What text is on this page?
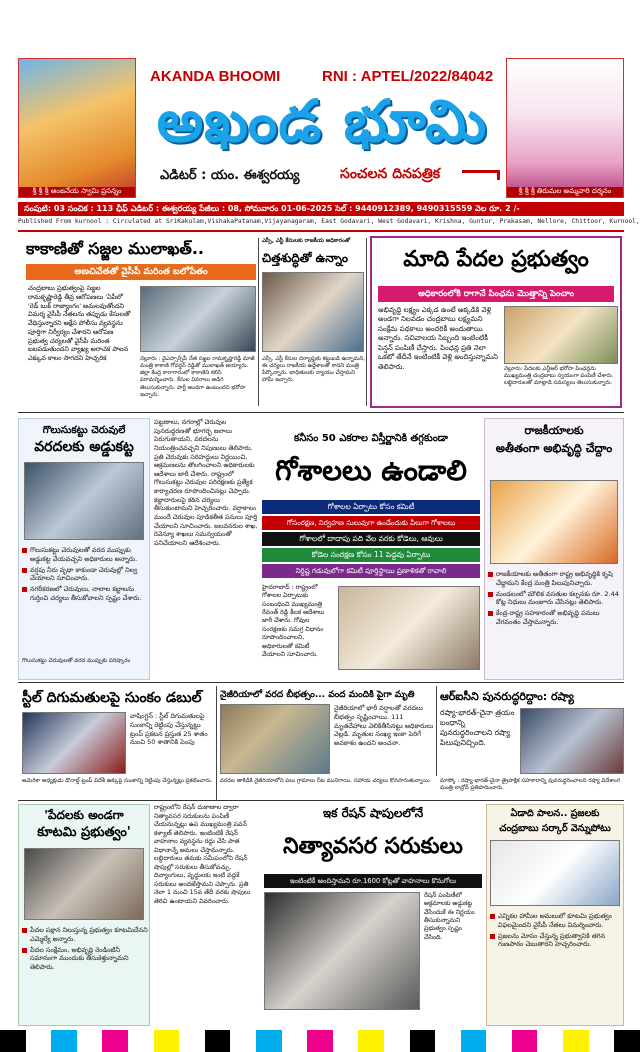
శ్రీ శ్రీ శ్రీ ఆంజనేయ స్వామి ప్రసన్నం	శ్రీ శ్రీ శ్రీ తిరుమల అమ్మవారి దర్శనం
AKANDA BHOOMI	RNI : APTEL/2022/84042
అఖండ భూమి
ఎడిటర్ : యం. ఈశ్వరయ్య	సంచలన దినపత్రిక
సంపుటి: 03 సంచిక : 113 ఛీఫ్ ఎడిటర్ : ఈశ్వరయ్య పేజీలు : 08, సోమవారం 01-06-2025 సెల్ : 9440912389, 9490315559 వెల రూ. 2 /-
Published From kurnool : Circulated at SriKakulam,VishakaPatanam,Vijayanagaram, East Godavari, West Godavari, Krishna, Guntur, Prakasam, Nellore, Chittoor, Kurnool,
కాకాణితో సజ్జల ములాఖత్..
అణచివేతతో వైసీపీ మరింత బలోపేతం
చంద్రబాబు ప్రభుత్వంపై సజ్జల రామకృష్ణారెడ్డి తీవ్ర ఆరోపణలు 'ఏపీలో 'రెడ్ బుక్ రాజ్యాంగం' అమలవుతోందని విమర్శ వైసీపీ నేతలను తప్పుడు కేసులతో వేధిస్తున్నారని ఆక్షేప పోలీసు వ్యవస్థను పూర్తిగా నిర్వీర్యం చేశారని ఆరోపణ ప్రభుత్వ చర్యలతో వైసీపీ మరింత బలపడుతుందని వ్యాఖ్య అరాచక పాలన ఎక్కువ కాలం సాగదని హెచ్చరిక	నెల్లూరు : వైఎస్సార్సీపీ నేత సజ్జల రామకృష్ణారెడ్డి మాజీ మంత్రి కాకాణి గోవర్ధన్ రెడ్డితో ములాఖత్ అయ్యారు. జిల్లా కేంద్ర కారాగారంలో కాకాణిని కలిసి పరామర్శించారు. కేసుల వివరాలు అడిగి తెలుసుకున్నారు. పార్టీ అండగా ఉంటుందని భరోసా ఇచ్చారు.
ఎస్సీ, ఎస్టీ కేసులకు రాజకీయ అధికారంతో
చిత్తశుద్ధితో ఉన్నాం
ఎస్సీ, ఎస్టీ కేసుల దర్యాప్తుకు కట్టుబడి ఉన్నామని, ఈ చర్యలు రాజకీయ ఉద్దేశాలతో కాదని మంత్రి పేర్కొన్నారు. బాధితులకు న్యాయం చేస్తామని హామీ ఇచ్చారు.
మాది పేదల ప్రభుత్వం
అధికారంలోకి రాగానే పింఛను మొత్తాన్ని పెంచాం
అభివృద్ధి లక్ష్యం ఎక్కడ ఉంటే అక్కడికి వెళ్లి అండగా నిలవడం చంద్రబాబు లక్ష్యమని సంక్షేమ పథకాలు అందరికీ అందుతాయి అన్నారు. సచివాలయ సిబ్బంది ఇంటింటికీ పెన్షన్ పంపిణీ చేస్తారు. పింఛన్ల ప్రతి నెలా ఒకటో తేదీనే ఇంటింటికీ వెళ్లి అందిస్తున్నామని తెలిపారు.	నెల్లూరు: పేదలకు ఎన్టీఆర్ భరోసా పింఛన్లను ముఖ్యమంత్రి చంద్రబాబు స్వయంగా పంపిణీ చేశారు. లబ్ధిదారులతో మాట్లాడి సమస్యలు తెలుసుకున్నారు.
గొలుసుకట్టు చెరువులే
వరదలకు అడ్డుకట్ట
గొలుసుకట్టు చెరువులతో వరద ముప్పుకు అడ్డుకట్ట వేయవచ్చని అధికారులు అన్నారు.
వర్షపు నీరు వృథా కాకుండా చెరువుల్లో నిల్వ చేయాలని సూచించారు.
నగరీకరణలో చెరువులు, నాలాల కబ్జాలను గుర్తించి చర్యలు తీసుకోవాలని స్పష్టం చేశారు.
గొలుసుకట్టు చెరువులతో వరద ముప్పుకు పరిష్కారం
పట్టణాలు, నగరాల్లో చెరువుల పునరుద్ధరణతో భూగర్భ జలాలు పెరుగుతాయని, వరదలను నియంత్రించవచ్చని నిపుణులు తెలిపారు. ప్రతి చెరువుకు సరిహద్దులు నిర్ణయించి, ఆక్రమణలను తొలగించాలని అధికారులకు ఆదేశాలు జారీ చేశారు. రాష్ట్రంలో గొలుసుకట్టు చెరువుల పరిరక్షణకు ప్రత్యేక కార్యాచరణ రూపొందించినట్లు చెప్పారు. కబ్జాదారులపై కఠిన చర్యలు తీసుకుంటామని హెచ్చరించారు. వర్షాకాలం ముందే చెరువుల పూడికతీత పనులు పూర్తి చేయాలని సూచించారు. జలవనరుల శాఖ, రెవెన్యూ శాఖలు సమన్వయంతో పనిచేయాలని ఆదేశించారు.
కనీసం 50 ఎకరాల విస్తీర్ణానికి తగ్గకుండా
గోశాలలు ఉండాలి
గోశాలల ఏర్పాటు కోసం కమిటీ
గోసంరక్షణ, నిర్వహణ సులువుగా ఉండేందుకు వీలుగా గోశాలలు
గోశాలలో దాదాపు పది వేల వరకు కోడెలు, ఆవులు
కోడెల సంరక్షణ కోసం 11 పెద్దవు ఏర్పాటు
నిర్దిష్ట గడువులోగా కమిటీ పూర్తిస్థాయి ప్రణాళికతో రావాలి
హైదరాబాద్ : రాష్ట్రంలో గోశాలల ఏర్పాటుకు సంబంధించి ముఖ్యమంత్రి రేవంత్ రెడ్డి కీలక ఆదేశాలు జారీ చేశారు. గోవుల సంరక్షణకు సమగ్ర విధానం రూపొందించాలని, అధికారులతో కమిటీ వేయాలని సూచించారు.
రాజకీయాలకు
అతీతంగా అభివృద్ధి చేద్దాం
రాజకీయాలకు అతీతంగా రాష్ట్ర అభివృద్ధికి కృషి చేద్దామని కేంద్ర మంత్రి పిలుపునిచ్చారు.
మండలంలో మౌలిక వసతుల కల్పనకు రూ. 2.44 కోట్ల నిధులు మంజూరు చేసినట్లు తెలిపారు.
కేంద్ర-రాష్ట్ర సహకారంతో అభివృద్ధి పనులు వేగవంతం చేస్తామన్నారు.
స్టీల్ దిగుమతులపై సుంకం డబుల్
వాషింగ్టన్ : స్టీల్ దిగుమతులపై సుంకాన్ని రెట్టింపు చేస్తున్నట్టు ట్రంప్ ప్రకటన ప్రస్తుత 25 శాతం నుంచి 50 శాతానికి పెంపు
అమెరికా అధ్యక్షుడు డొనాల్డ్ ట్రంప్ విదేశీ ఉక్కుపై సుంకాన్ని రెట్టింపు చేస్తున్నట్లు ప్రకటించారు.
నైజీరియాలో వరద బీభత్సం... వంద మందికి పైగా మృతి
నైజీరియాలో భారీ వర్షాలతో వరదలు బీభత్సం సృష్టించాయి. 111 మృతదేహాలు వెలికితీసినట్టు అధికారులు వెల్లడి. మృతుల సంఖ్య ఇంకా పెరిగే అవకాశం ఉందని అంచనా.
వరదల తాకిడికి నైజీరియాలోని పలు గ్రామాలు నీట మునిగాయి. సహాయ చర్యలు కొనసాగుతున్నాయి.
ఆర్ఐసీని పునరుద్ధరిద్దాం: రష్యా
రష్యా-భారత్-చైనా త్రయం బంధాన్ని పునరుద్ధరించాలని రష్యా పిలుపునిచ్చింది.
మాస్కో : రష్యా-భారత్-చైనా త్రైపాక్షిక సహకారాన్ని పునరుద్ధరించాలని రష్యా విదేశాంగ మంత్రి లావ్రోవ్ ప్రతిపాదించారు.
'పేదలకు అండగా
కూటమి ప్రభుత్వం'
పేదల పక్షాన నిలుస్తున్న ప్రభుత్వం కూటమిదేనని ఎమ్మెల్యే అన్నారు.
పేదల సంక్షేమం, అభివృద్ధి రెండింటినీ సమానంగా ముందుకు తీసుకెళ్తున్నామని తెలిపారు.
రాష్ట్రంలోని రేషన్ దుకాణాల ద్వారా నిత్యావసర సరుకులను పంపిణీ చేయనున్నట్లు ఉప ముఖ్యమంత్రి పవన్ కళ్యాణ్ తెలిపారు. ఇంటింటికీ రేషన్ వాహనాల వ్యవస్థను రద్దు చేసి పాత విధానాన్నే అమలు చేస్తామన్నారు. లబ్ధిదారులు తమకు సమీపంలోని రేషన్ షాపుల్లో సరుకులు తీసుకోవచ్చు. దివ్యాంగులు, వృద్ధులకు ఇంటి వద్దకే సరుకులు అందజేస్తామని చెప్పారు. ప్రతి నెలా 1 నుంచి 15వ తేదీ వరకు షాపులు తెరిచి ఉంటాయని వివరించారు.
ఇక రేషన్ షాపులలోనే
నిత్యావసర సరుకులు
ఇంటింటికీ అందిస్తామని రూ.1600 కోట్లతో వాహనాలు కొనుగోలు
రేషన్ పంపిణీలో అక్రమాలకు అడ్డుకట్ట వేసేందుకే ఈ నిర్ణయం తీసుకున్నామని ప్రభుత్వం స్పష్టం చేసింది.
ఏడాది పాలన.. ప్రజలకు
చంద్రబాబు సర్కార్ వెన్నుపోటు
ఎన్నికల హామీల అమలులో కూటమి ప్రభుత్వం విఫలమైందని వైసీపీ నేతలు విమర్శించారు.
ప్రజలను మోసం చేస్తున్న ప్రభుత్వానికి తగిన గుణపాఠం చెబుతారని హెచ్చరించారు.
